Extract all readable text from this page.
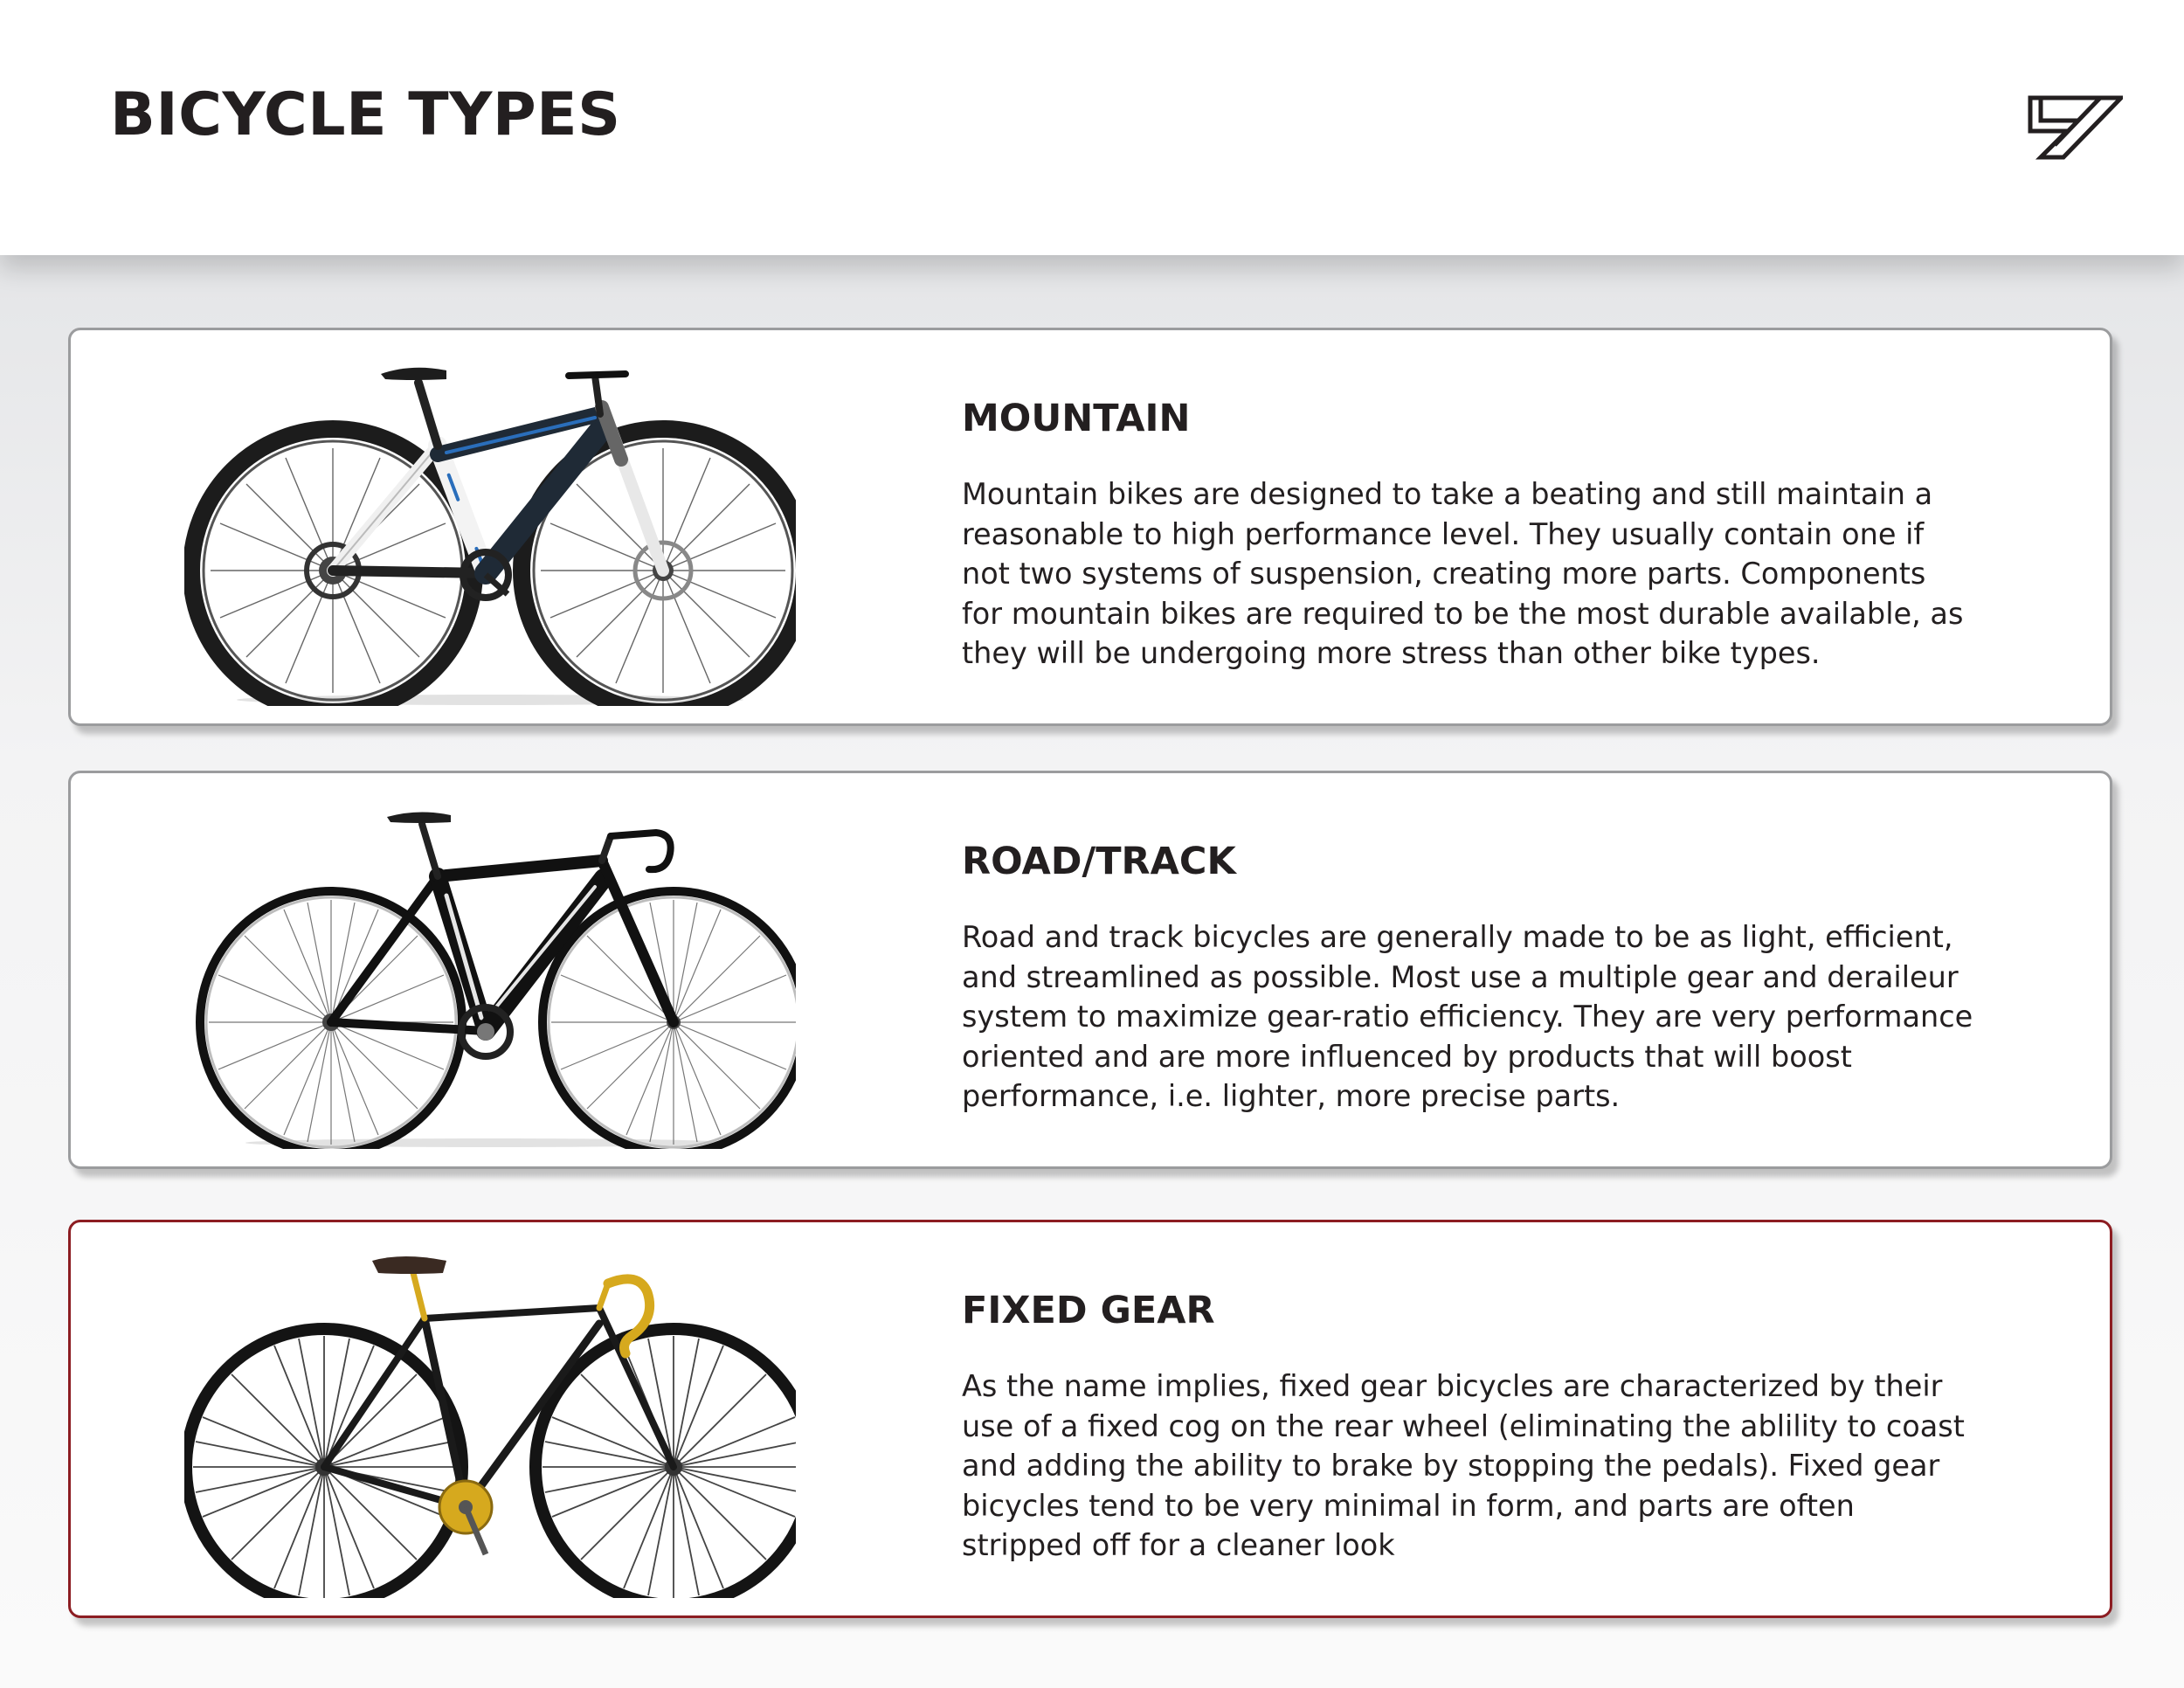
BICYCLE TYPES
MOUNTAIN

Mountain bikes are designed to take a beating and still maintain a reasonable to high performance level. They usually contain one if not two systems of suspension, creating more parts. Components for mountain bikes are required to be the most durable available, as they will be undergoing more stress than other bike types.

ROAD/TRACK

Road and track bicycles are generally made to be as light, efficient, and streamlined as possible. Most use a multiple gear and deraileur system to maximize gear-ratio efficiency. They are very performance oriented and are more influenced by products that will boost performance, i.e. lighter, more precise parts.

FIXED GEAR

As the name implies, fixed gear bicycles are characterized by their use of a fixed cog on the rear wheel (eliminating the ablility to coast and adding the ability to brake by stopping the pedals). Fixed gear bicycles tend to be very minimal in form, and parts are often stripped off for a cleaner look
